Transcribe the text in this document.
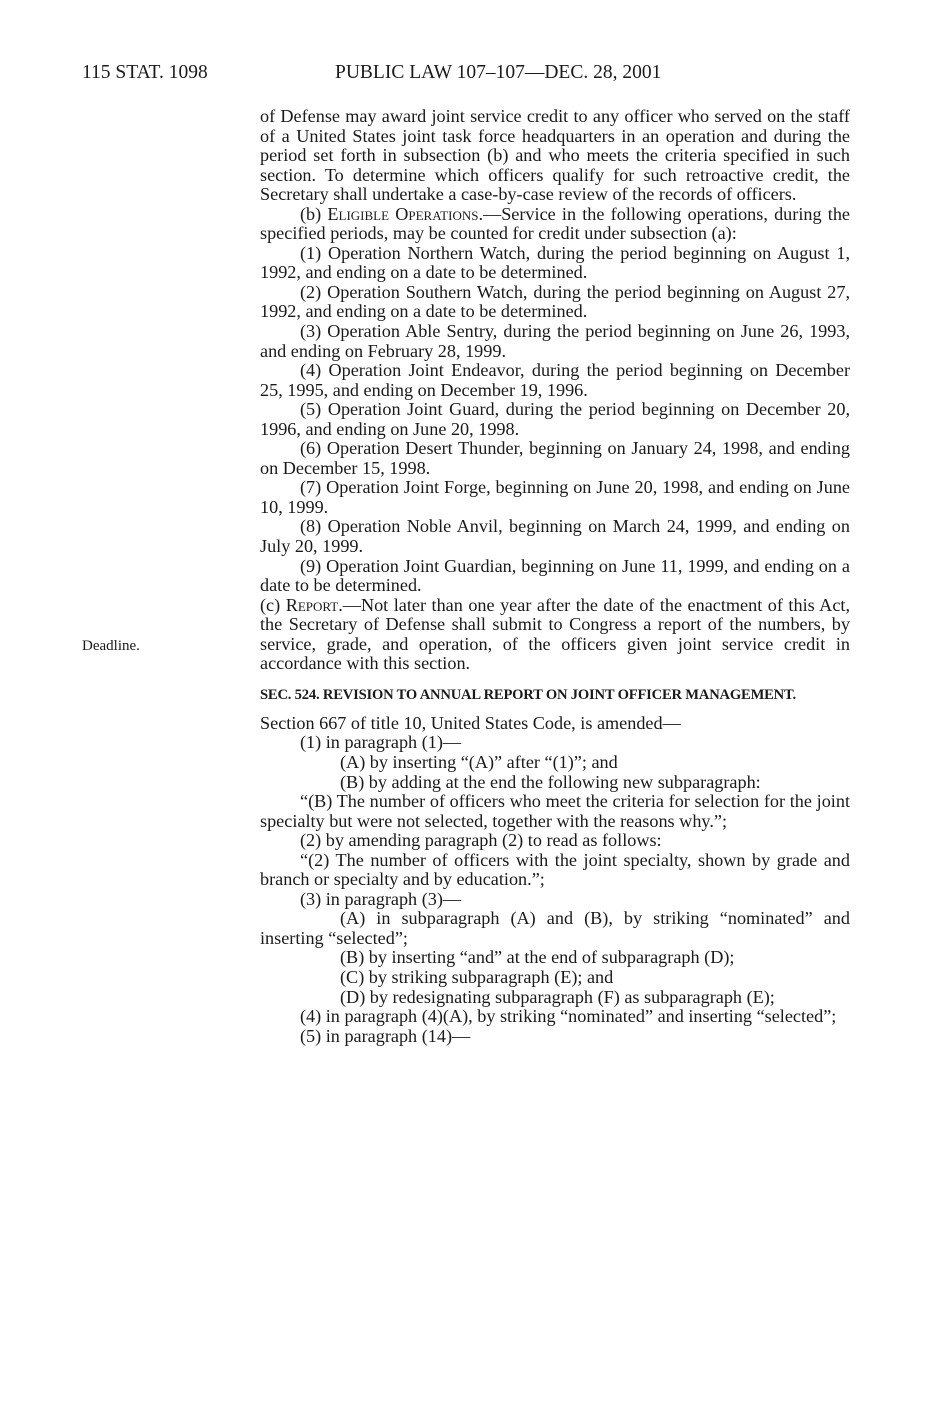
115 STAT. 1098	PUBLIC LAW 107–107—DEC. 28, 2001
Deadline.

of Defense may award joint service credit to any officer who served on the staff of a United States joint task force headquarters in an operation and during the period set forth in subsection (b) and who meets the criteria specified in such section. To determine which officers qualify for such retroactive credit, the Secretary shall undertake a case-by-case review of the records of officers.

(b) Eligible Operations.—Service in the following operations, during the specified periods, may be counted for credit under subsection (a):

(1) Operation Northern Watch, during the period beginning on August 1, 1992, and ending on a date to be determined.

(2) Operation Southern Watch, during the period beginning on August 27, 1992, and ending on a date to be determined.

(3) Operation Able Sentry, during the period beginning on June 26, 1993, and ending on February 28, 1999.

(4) Operation Joint Endeavor, during the period beginning on December 25, 1995, and ending on December 19, 1996.

(5) Operation Joint Guard, during the period beginning on December 20, 1996, and ending on June 20, 1998.

(6) Operation Desert Thunder, beginning on January 24, 1998, and ending on December 15, 1998.

(7) Operation Joint Forge, beginning on June 20, 1998, and ending on June 10, 1999.

(8) Operation Noble Anvil, beginning on March 24, 1999, and ending on July 20, 1999.

(9) Operation Joint Guardian, beginning on June 11, 1999, and ending on a date to be determined.

(c) Report.—Not later than one year after the date of the enactment of this Act, the Secretary of Defense shall submit to Congress a report of the numbers, by service, grade, and operation, of the officers given joint service credit in accordance with this section.

SEC. 524. REVISION TO ANNUAL REPORT ON JOINT OFFICER MANAGEMENT.

Section 667 of title 10, United States Code, is amended—

(1) in paragraph (1)—

(A) by inserting “(A)” after “(1)”; and

(B) by adding at the end the following new subparagraph:

“(B) The number of officers who meet the criteria for selection for the joint specialty but were not selected, together with the reasons why.”;

(2) by amending paragraph (2) to read as follows:

“(2) The number of officers with the joint specialty, shown by grade and branch or specialty and by education.”;

(3) in paragraph (3)—

(A) in subparagraph (A) and (B), by striking “nominated” and inserting “selected”;

(B) by inserting “and” at the end of subparagraph (D);

(C) by striking subparagraph (E); and

(D) by redesignating subparagraph (F) as subparagraph (E);

(4) in paragraph (4)(A), by striking “nominated” and inserting “selected”;

(5) in paragraph (14)—
